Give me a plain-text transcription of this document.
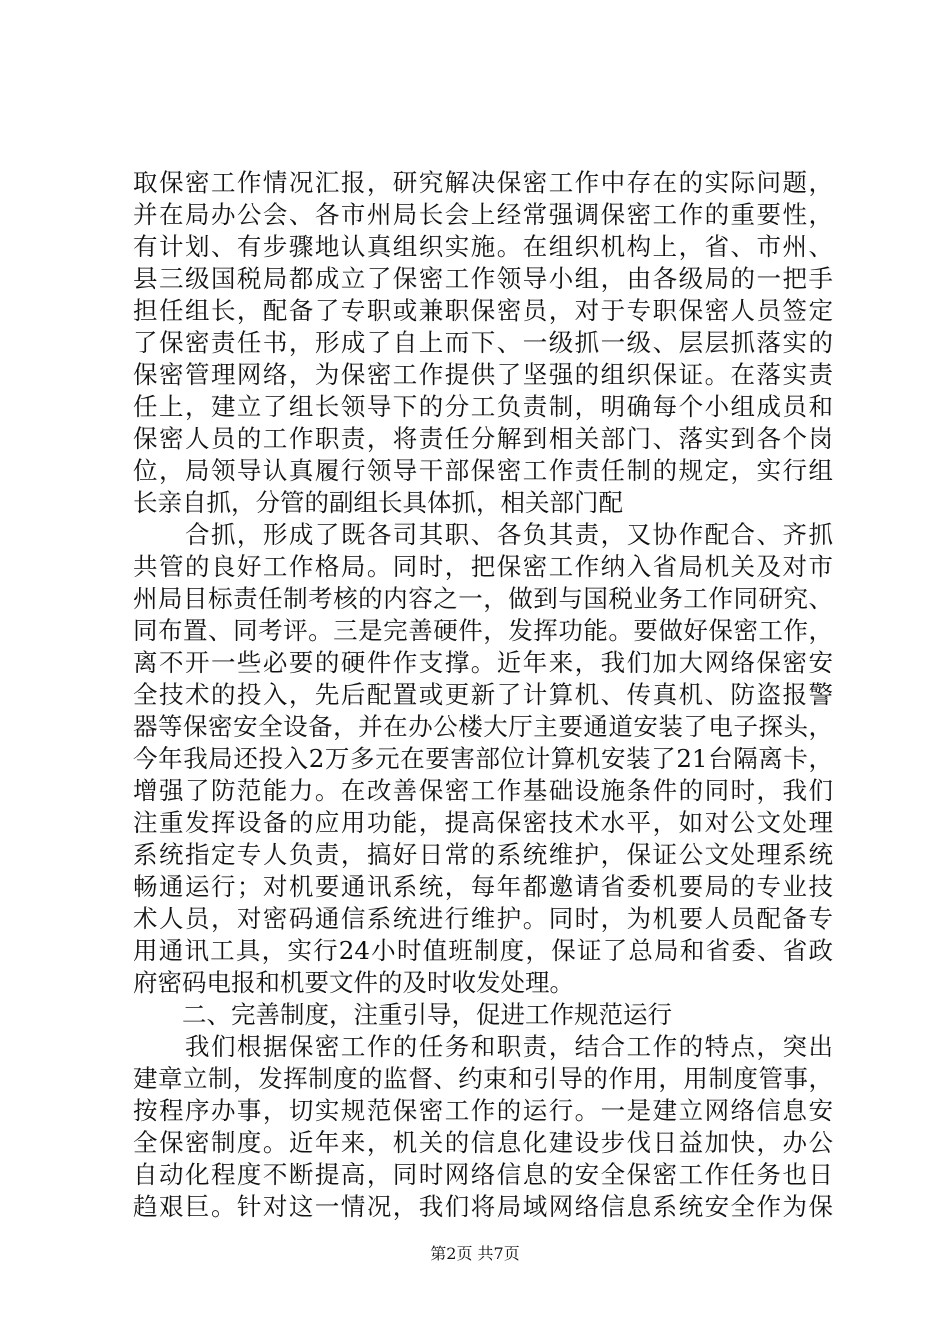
取保密工作情况汇报，研究解决保密工作中存在的实际问题，
并在局办公会、各市州局长会上经常强调保密工作的重要性，
有计划、有步骤地认真组织实施。在组织机构上，省、市州、
县三级国税局都成立了保密工作领导小组，由各级局的一把手
担任组长，配备了专职或兼职保密员，对于专职保密人员签定
了保密责任书，形成了自上而下、一级抓一级、层层抓落实的
保密管理网络，为保密工作提供了坚强的组织保证。在落实责
任上，建立了组长领导下的分工负责制，明确每个小组成员和
保密人员的工作职责，将责任分解到相关部门、落实到各个岗
位，局领导认真履行领导干部保密工作责任制的规定，实行组
长亲自抓，分管的副组长具体抓，相关部门配
　　合抓，形成了既各司其职、各负其责，又协作配合、齐抓
共管的良好工作格局。同时，把保密工作纳入省局机关及对市
州局目标责任制考核的内容之一，做到与国税业务工作同研究、
同布置、同考评。三是完善硬件，发挥功能。要做好保密工作，
离不开一些必要的硬件作支撑。近年来，我们加大网络保密安
全技术的投入，先后配置或更新了计算机、传真机、防盗报警
器等保密安全设备，并在办公楼大厅主要通道安装了电子探头，
今年我局还投入2万多元在要害部位计算机安装了21台隔离卡，
增强了防范能力。在改善保密工作基础设施条件的同时，我们
注重发挥设备的应用功能，提高保密技术水平，如对公文处理
系统指定专人负责，搞好日常的系统维护，保证公文处理系统
畅通运行；对机要通讯系统，每年都邀请省委机要局的专业技
术人员，对密码通信系统进行维护。同时，为机要人员配备专
用通讯工具，实行24小时值班制度，保证了总局和省委、省政
府密码电报和机要文件的及时收发处理。
　　二、完善制度，注重引导，促进工作规范运行
　　我们根据保密工作的任务和职责，结合工作的特点，突出
建章立制，发挥制度的监督、约束和引导的作用，用制度管事，
按程序办事，切实规范保密工作的运行。一是建立网络信息安
全保密制度。近年来，机关的信息化建设步伐日益加快，办公
自动化程度不断提高，同时网络信息的安全保密工作任务也日
趋艰巨。针对这一情况，我们将局域网络信息系统安全作为保
第2页 共7页
